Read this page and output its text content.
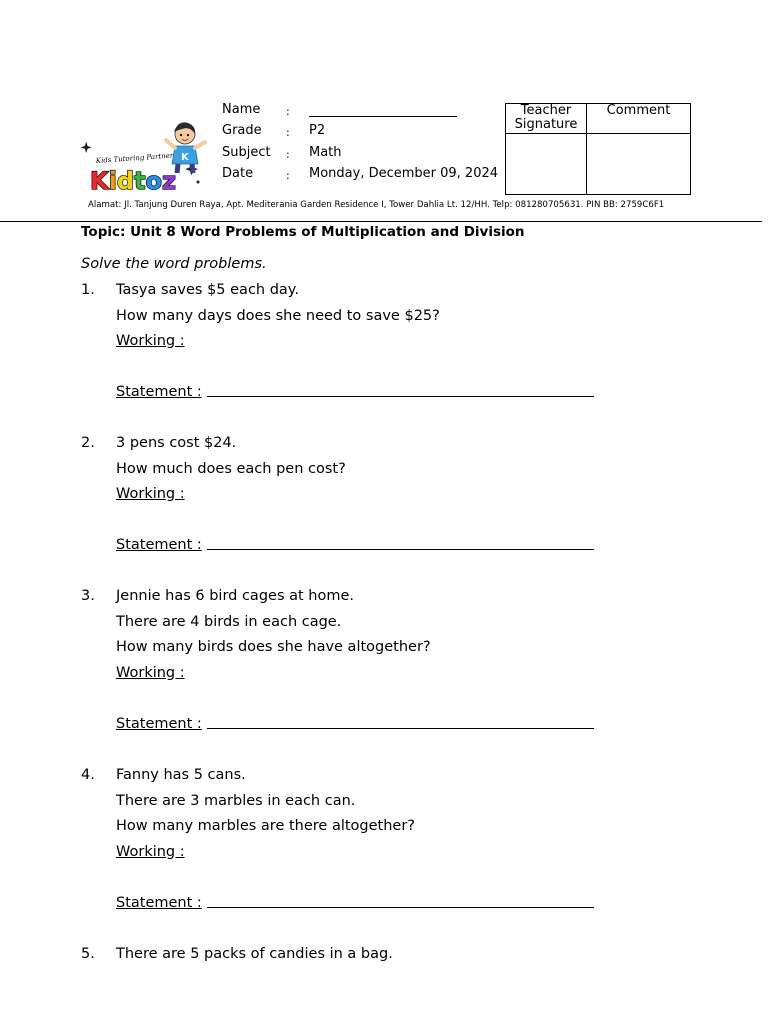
K
Kids Tutoring Partner
Kidtoz
Name :
Grade : P2
Subject : Math
Date	: Monday, December 09, 2024
Teacher
Signature	Comment

Alamat: Jl. Tanjung Duren Raya, Apt. Mediterania Garden Residence I, Tower Dahlia Lt. 12/HH. Telp: 081280705631. PIN BB: 2759C6F1
Topic: Unit 8 Word Problems of Multiplication and Division
Solve the word problems.
1. Tasya saves $5 each day.
How many days does she need to save $25?
Working :
Statement :
2. 3 pens cost $24.
How much does each pen cost?
Working :
Statement :
3. Jennie has 6 bird cages at home.
There are 4 birds in each cage.
How many birds does she have altogether?
Working :
Statement :
4. Fanny has 5 cans.
There are 3 marbles in each can.
How many marbles are there altogether?
Working :
Statement :
5. There are 5 packs of candies in a bag.
